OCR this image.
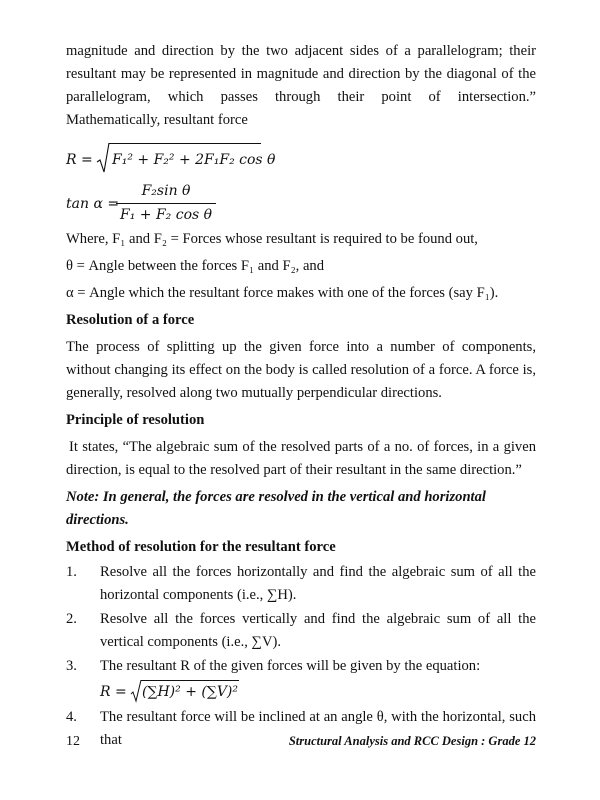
magnitude and direction by the two adjacent sides of a parallelogram; their resultant may be represented in magnitude and direction by the diagonal of the parallelogram, which passes through their point of intersection.” Mathematically, resultant force

R = F₁² + F₂² + 2F₁F₂ cos θ
tan α =
$\frac{\text{F₂sin θ}}{\text{F₁ + F₂ cos θ}}$

Where, F₁ and F₂ = Forces whose resultant is required to be found out,

θ = Angle between the forces F₁ and F₂, and

α = Angle which the resultant force makes with one of the forces (say F₁).

Resolution of a force

The process of splitting up the given force into a number of components, without changing its effect on the body is called resolution of a force. A force is, generally, resolved along two mutually perpendicular directions.

Principle of resolution

It states, “The algebraic sum of the resolved parts of a no. of forces, in a given direction, is equal to the resolved part of their resultant in the same direction.”

Note: In general, the forces are resolved in the vertical and horizontal directions.

Method of resolution for the resultant force

1. Resolve all the forces horizontally and find the algebraic sum of all the horizontal components (i.e., ∑H).
2. Resolve all the forces vertically and find the algebraic sum of all the vertical components (i.e., ∑V).
3. The resultant R of the given forces will be given by the equation:
R = (∑H)² + (∑V)²
4. The resultant force will be inclined at an angle θ, with the horizontal, such that
12	Structural Analysis and RCC Design : Grade 12
